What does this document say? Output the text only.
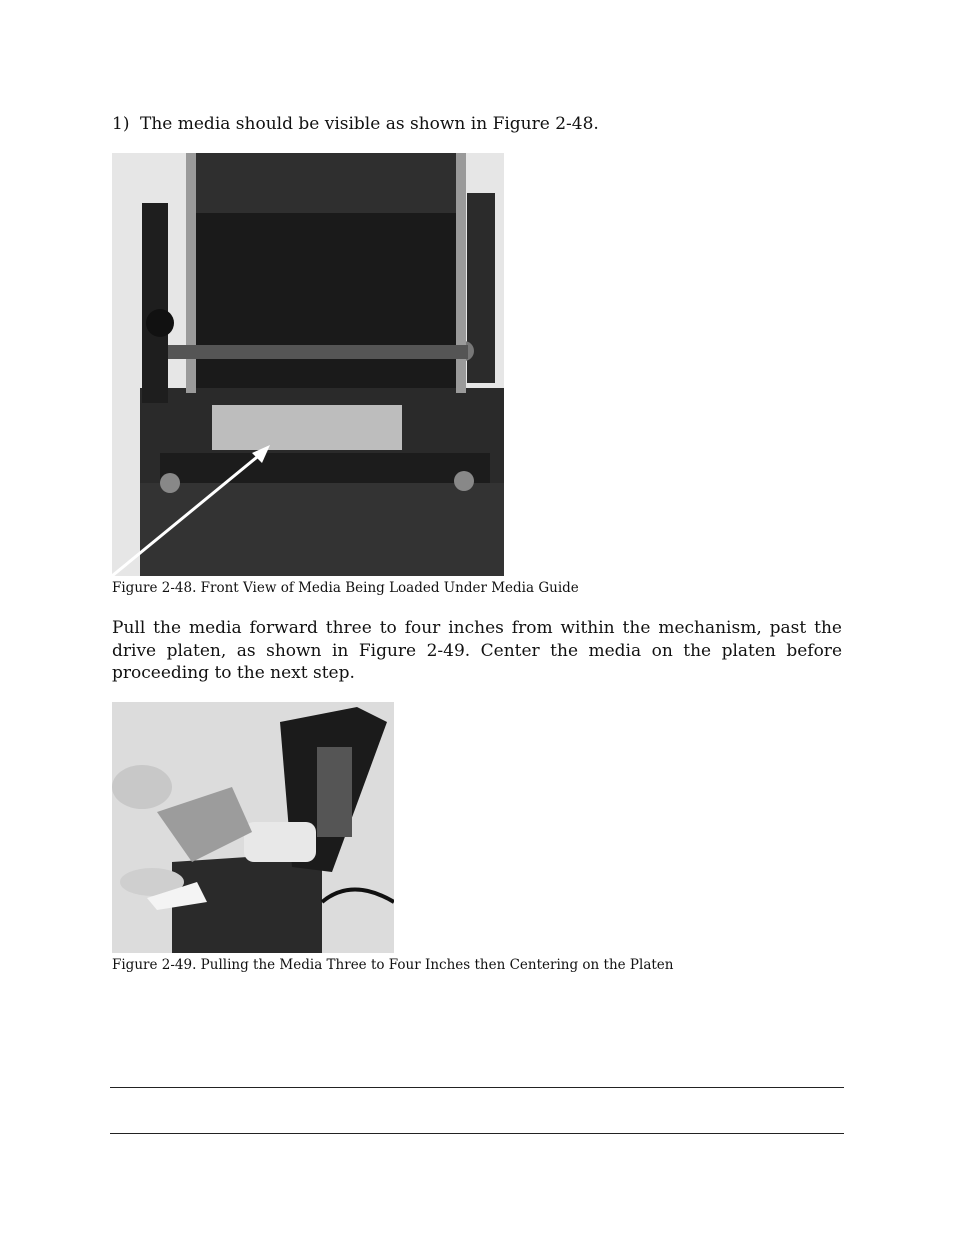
1) The media should be visible as shown in Figure 2-48.
Figure 2-48. Front View of Media Being Loaded Under Media Guide
Pull the media forward three to four inches from within the mechanism, past the drive platen, as shown in Figure 2-49. Center the media on the platen before proceeding to the next step.
Figure 2-49. Pulling the Media Three to Four Inches then Centering on the Platen
